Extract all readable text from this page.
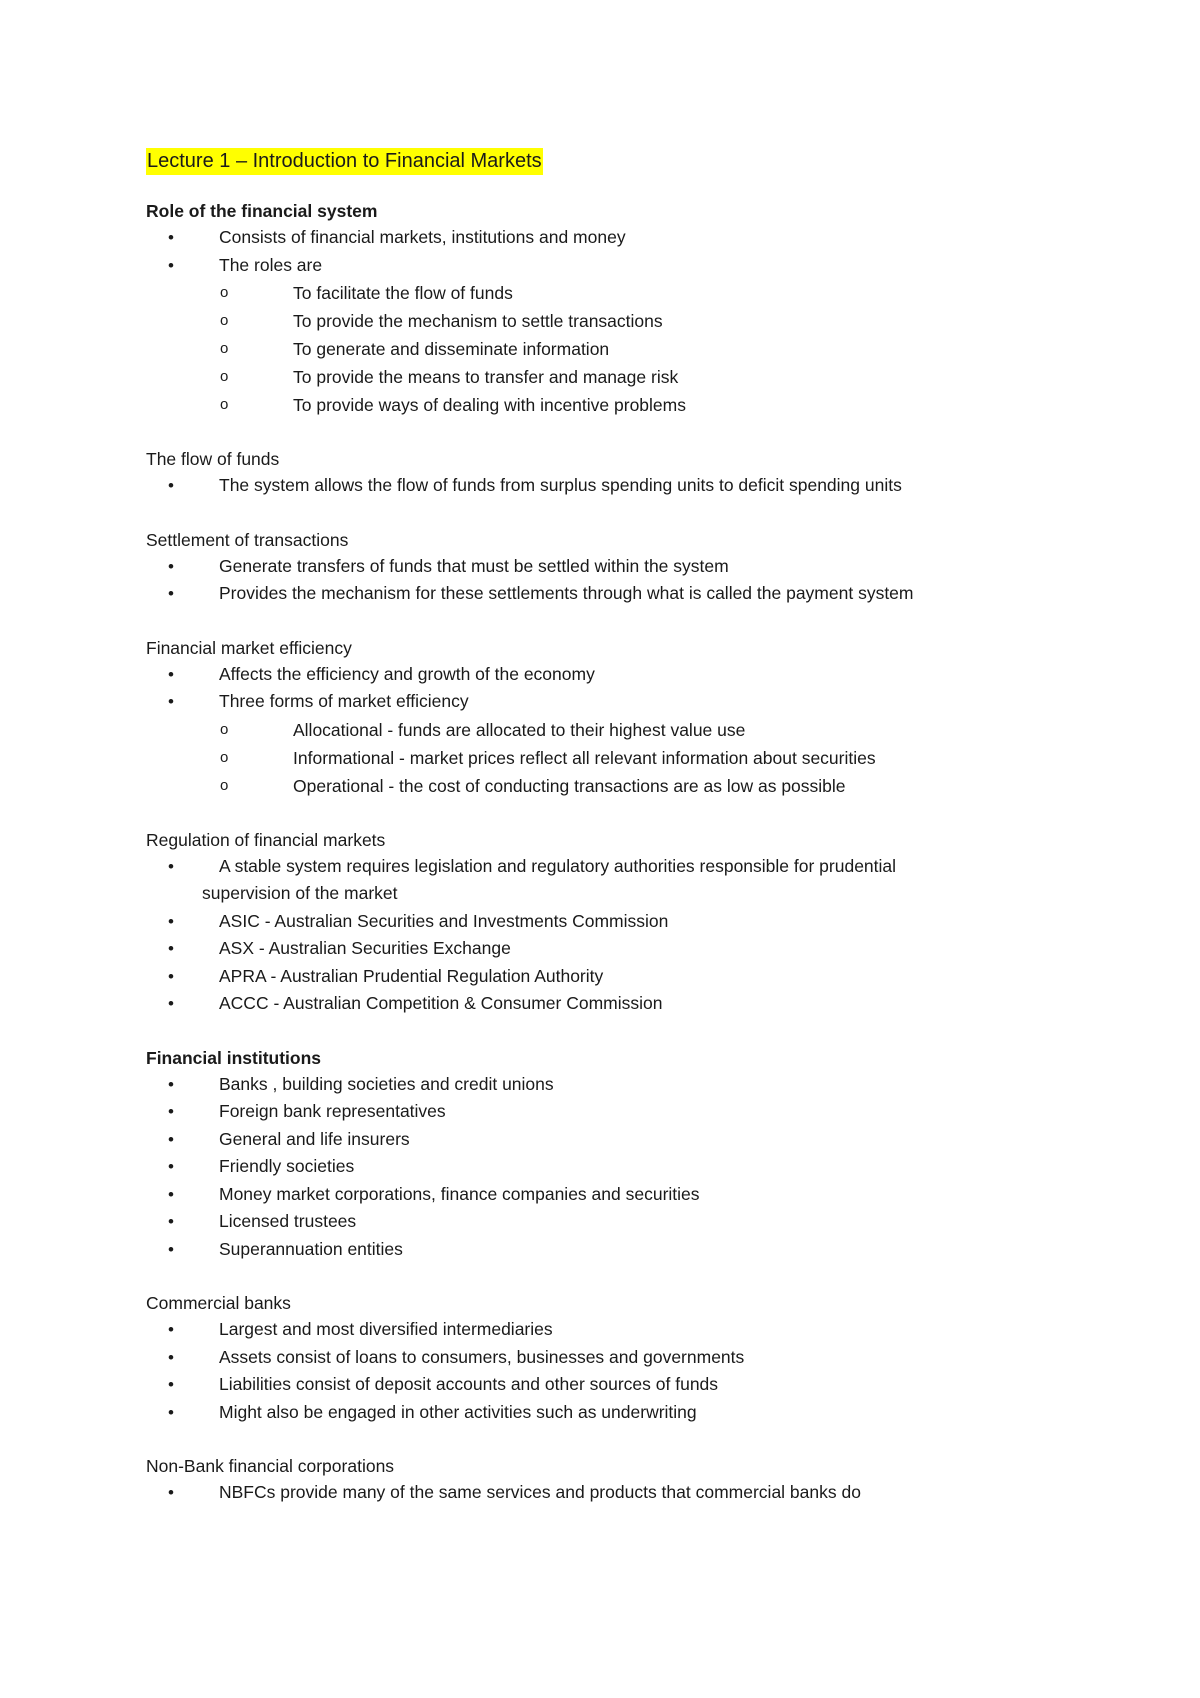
Lecture 1 – Introduction to Financial Markets

Role of the financial system

•	Consists of financial markets, institutions and money
•	The roles are
o	To facilitate the flow of funds
o	To provide the mechanism to settle transactions
o	To generate and disseminate information
o	To provide the means to transfer and manage risk
o	To provide ways of dealing with incentive problems

The flow of funds

•	The system allows the flow of funds from surplus spending units to deficit spending units

Settlement of transactions

•	Generate transfers of funds that must be settled within the system
•	Provides the mechanism for these settlements through what is called the payment system

Financial market efficiency

•	Affects the efficiency and growth of the economy
•	Three forms of market efficiency
o	Allocational - funds are allocated to their highest value use
o	Informational - market prices reflect all relevant information about securities
o	Operational - the cost of conducting transactions are as low as possible

Regulation of financial markets

•	A stable system requires legislation and regulatory authorities responsible for prudential
supervision of the market
•	ASIC - Australian Securities and Investments Commission
•	ASX - Australian Securities Exchange
•	APRA - Australian Prudential Regulation Authority
•	ACCC - Australian Competition & Consumer Commission

Financial institutions

•	Banks , building societies and credit unions
•	Foreign bank representatives
•	General and life insurers
•	Friendly societies
•	Money market corporations, finance companies and securities
•	Licensed trustees
•	Superannuation entities

Commercial banks

•	Largest and most diversified intermediaries
•	Assets consist of loans to consumers, businesses and governments
•	Liabilities consist of deposit accounts and other sources of funds
•	Might also be engaged in other activities such as underwriting

Non-Bank financial corporations

•	NBFCs provide many of the same services and products that commercial banks do
